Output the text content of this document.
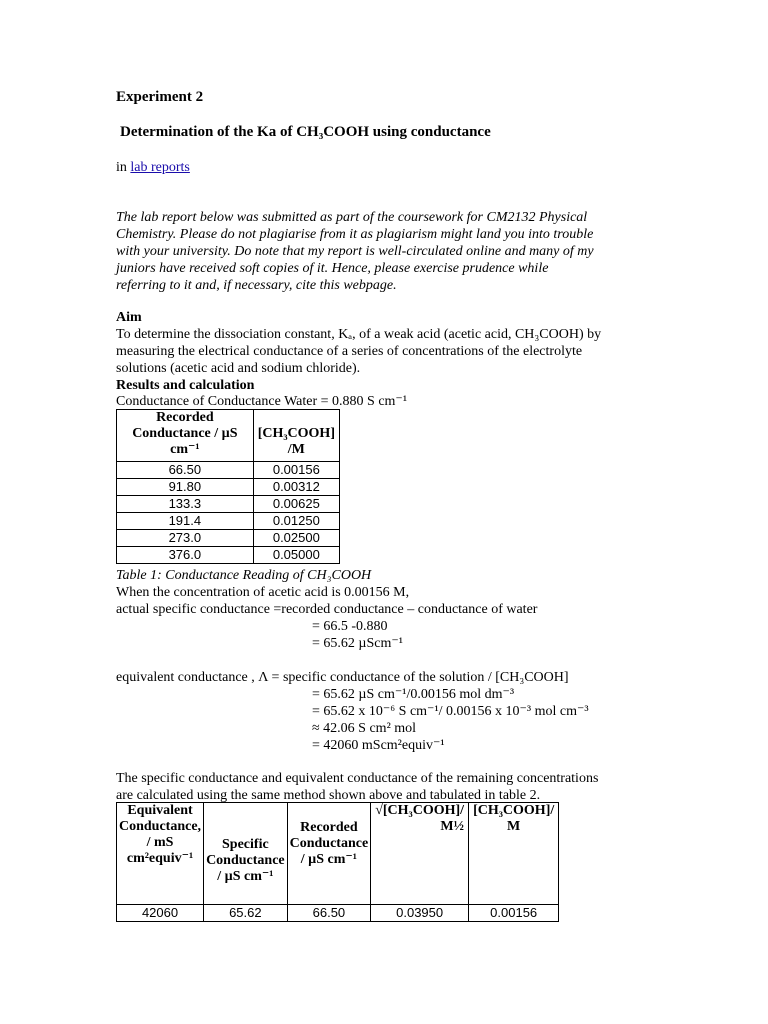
Experiment 2
Determination of the Ka of CH₃COOH using conductance
in lab reports
The lab report below was submitted as part of the coursework for CM2132 Physical
Chemistry. Please do not plagiarise from it as plagiarism might land you into trouble
with your university. Do note that my report is well-circulated online and many of my
juniors have received soft copies of it. Hence, please exercise prudence while
referring to it and, if necessary, cite this webpage.
Aim
To determine the dissociation constant, Kₐ, of a weak acid (acetic acid, CH₃COOH) by
measuring the electrical conductance of a series of concentrations of the electrolyte
solutions (acetic acid and sodium chloride).
Results and calculation
Conductance of Conductance Water = 0.880 S cm⁻¹
Recorded Conductance / µS cm⁻¹	[CH₃COOH] /M
66.50	0.00156
91.80	0.00312
133.3	0.00625
191.4	0.01250
273.0	0.02500
376.0	0.05000
Table 1: Conductance Reading of CH₃COOH
When the concentration of acetic acid is 0.00156 M,
actual specific conductance =recorded conductance – conductance of water
= 66.5 -0.880
= 65.62 µScm⁻¹
equivalent conductance , Λ = specific conductance of the solution / [CH₃COOH]
= 65.62 µS cm⁻¹/0.00156 mol dm⁻³
= 65.62 x 10⁻⁶ S cm⁻¹/ 0.00156 x 10⁻³ mol cm⁻³
≈ 42.06 S cm² mol
= 42060 mScm²equiv⁻¹
The specific conductance and equivalent conductance of the remaining concentrations
are calculated using the same method shown above and tabulated in table 2.
Equivalent Conductance, / mS cm²equiv⁻¹	Specific Conductance / µS cm⁻¹	Recorded Conductance / µS cm⁻¹	√[CH₃COOH]/ M½	[CH₃COOH]/ M
42060	65.62	66.50	0.03950	0.00156
